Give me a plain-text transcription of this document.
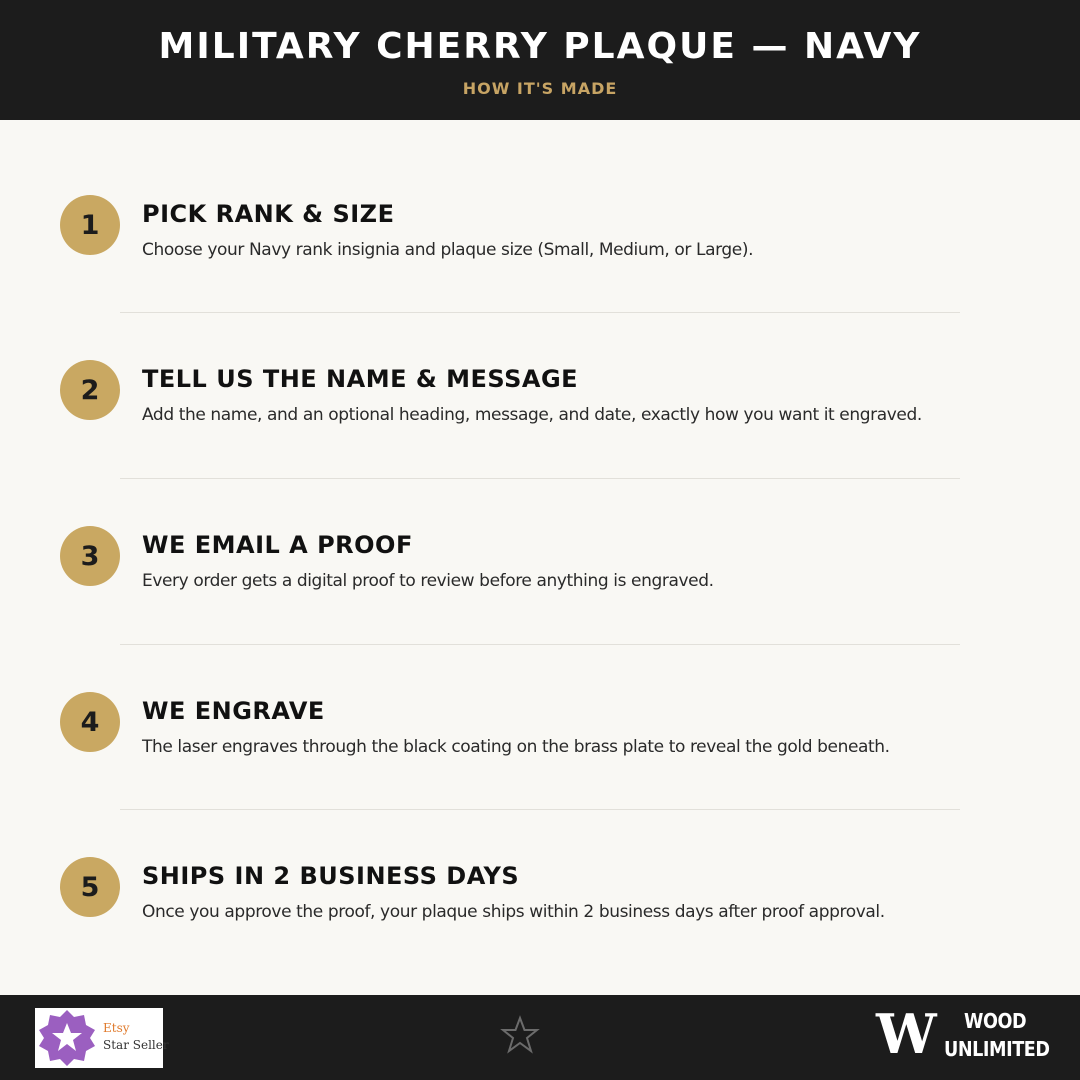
MILITARY CHERRY PLAQUE — NAVY
HOW IT'S MADE
1	PICK RANK & SIZE
Choose your Navy rank insignia and plaque size (Small, Medium, or Large).
2	TELL US THE NAME & MESSAGE
Add the name, and an optional heading, message, and date, exactly how you want it engraved.
3	WE EMAIL A PROOF
Every order gets a digital proof to review before anything is engraved.
4	WE ENGRAVE
The laser engraves through the black coating on the brass plate to reveal the gold beneath.
5	SHIPS IN 2 BUSINESS DAYS
Once you approve the proof, your plaque ships within 2 business days after proof approval.
Etsy
Star Seller	W WOOD
UNLIMITED
